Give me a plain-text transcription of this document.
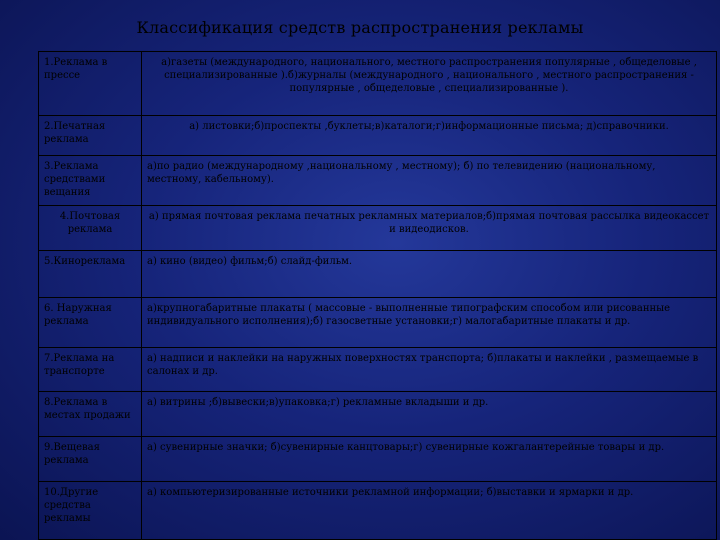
Классификация средств распространения рекламы
1.Реклама в прессе	а)газеты (международного, национального, местного распространения популярные , общеделовые , специализированные ).б)журналы (международного , национального , местного распространения - популярные , общеделовые , специализированные ).
2.Печатная реклама	а) листовки;б)проспекты ,буклеты;в)каталоги;г)информационные письма; д)справочники.
3.Реклама средствами вещания	а)по радио (международному ,национальному , местному); б) по телевидению (национальному, местному, кабельному).
4.Почтовая реклама	а) прямая почтовая реклама печатных рекламных материалов;б)прямая почтовая рассылка видеокассет и видеодисков.
5.Кинореклама	а) кино (видео) фильм;б) слайд-фильм.
6. Наружная реклама	а)крупногабаритные плакаты ( массовые - выполненные типографским способом или рисованные индивидуального исполнения);б) газосветные установки;г) малогабаритные плакаты и др.
7.Реклама на транспорте	а) надписи и наклейки на наружных поверхностях транспорта; б)плакаты и наклейки , размещаемые в салонах и др.
8.Реклама в местах продажи	а) витрины ;б)вывески;в)упаковка;г) рекламные вкладыши и др.
9.Вещевая реклама	а) сувенирные значки; б)сувенирные канцтовары;г) сувенирные кожгалантерейные товары и др.
10.Другие средства рекламы	а) компьютеризированные источники рекламной информации; б)выставки и ярмарки и др.
